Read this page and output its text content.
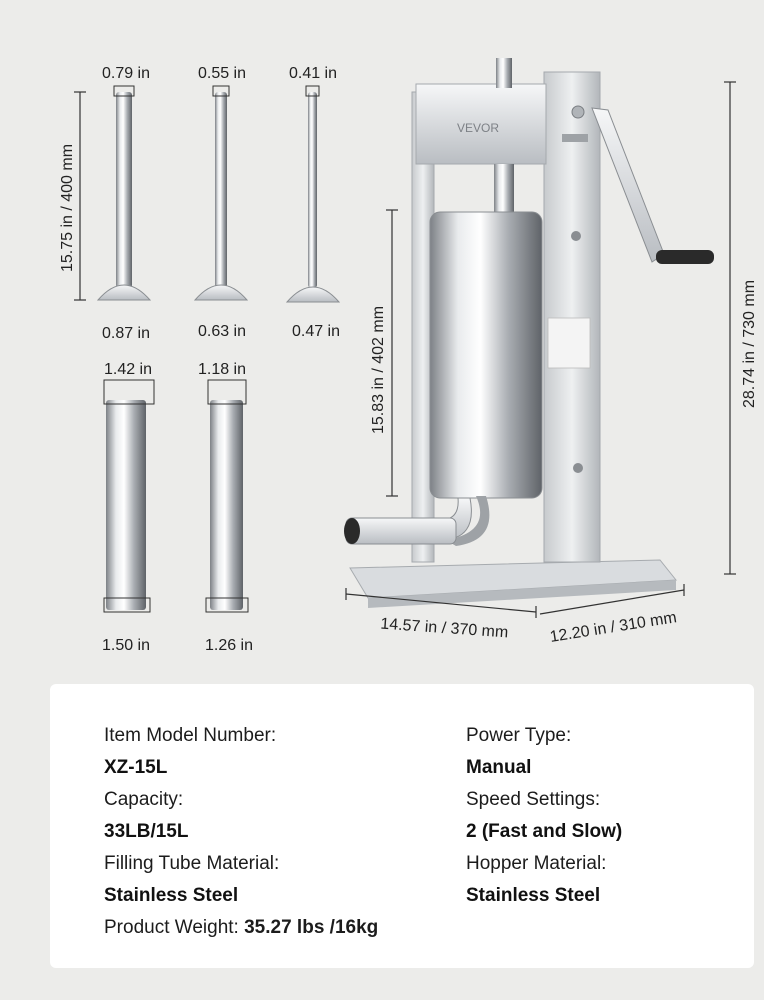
15.75 in / 400 mm
0.79 in	0.55 in	0.41 in
0.87 in	0.63 in	0.47 in
1.42 in	1.18 in
1.50 in	1.26 in
VEVOR
15.83 in / 402 mm	28.74 in / 730 mm
14.57 in / 370 mm 12.20 in / 310 mm
Item Model Number:
XZ-15L
Capacity:
33LB/15L
Filling Tube Material:
Stainless Steel
Product Weight: 35.27 lbs /16kg
Power Type:
Manual
Speed Settings:
2 (Fast and Slow)
Hopper Material:
Stainless Steel
